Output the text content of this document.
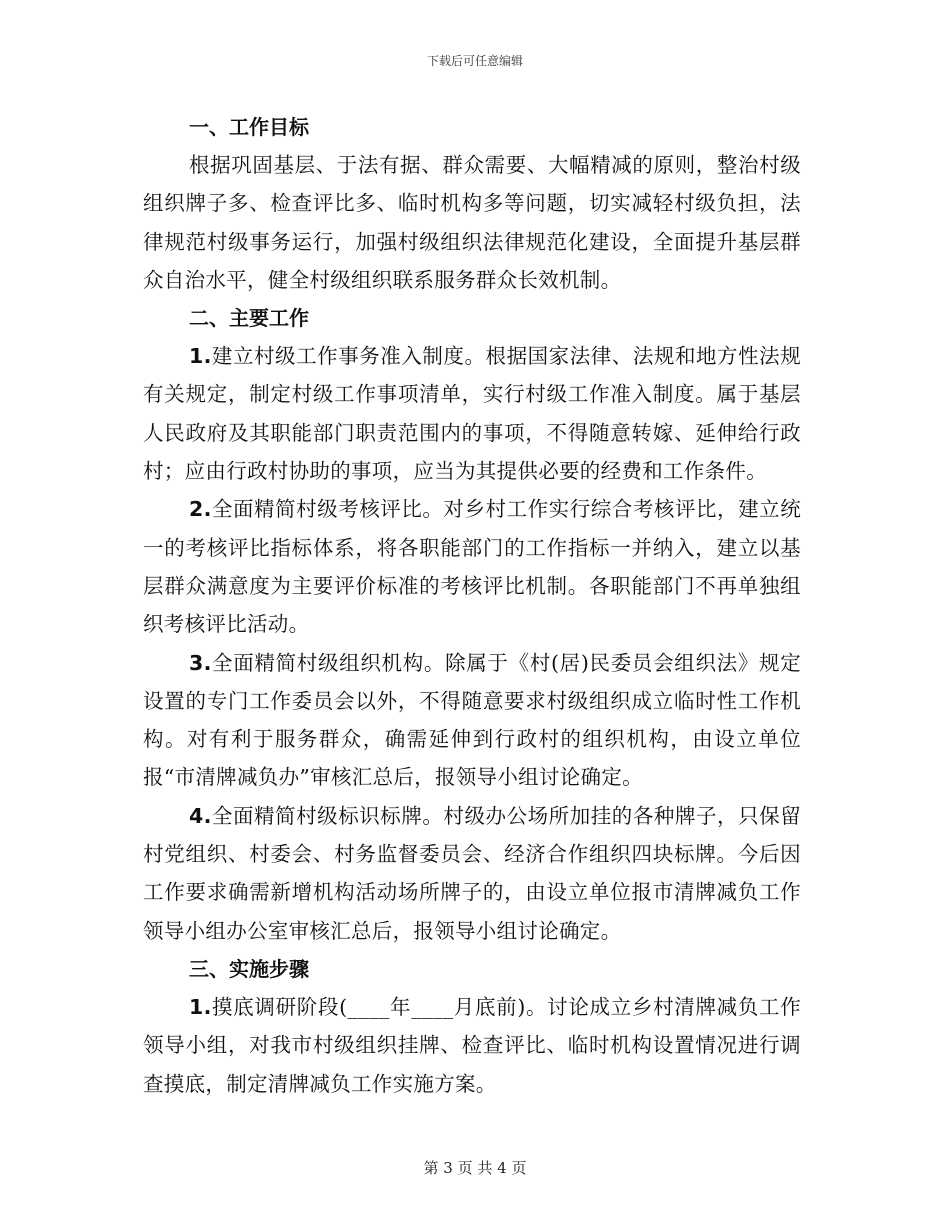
下载后可任意编辑
一、工作目标

根据巩固基层、于法有据、群众需要、大幅精减的原则，整治村级组织牌子多、检查评比多、临时机构多等问题，切实减轻村级负担，法律规范村级事务运行，加强村级组织法律规范化建设，全面提升基层群众自治水平，健全村级组织联系服务群众长效机制。

二、主要工作

1.建立村级工作事务准入制度。根据国家法律、法规和地方性法规有关规定，制定村级工作事项清单，实行村级工作准入制度。属于基层人民政府及其职能部门职责范围内的事项，不得随意转嫁、延伸给行政村；应由行政村协助的事项，应当为其提供必要的经费和工作条件。

2.全面精简村级考核评比。对乡村工作实行综合考核评比，建立统一的考核评比指标体系，将各职能部门的工作指标一并纳入，建立以基层群众满意度为主要评价标准的考核评比机制。各职能部门不再单独组织考核评比活动。

3.全面精简村级组织机构。除属于《村(居)民委员会组织法》规定设置的专门工作委员会以外，不得随意要求村级组织成立临时性工作机构。对有利于服务群众，确需延伸到行政村的组织机构，由设立单位报“市清牌减负办”审核汇总后，报领导小组讨论确定。

4.全面精简村级标识标牌。村级办公场所加挂的各种牌子，只保留村党组织、村委会、村务监督委员会、经济合作组织四块标牌。今后因工作要求确需新增机构活动场所牌子的，由设立单位报市清牌减负工作领导小组办公室审核汇总后，报领导小组讨论确定。

三、实施步骤

1.摸底调研阶段(____年____月底前)。讨论成立乡村清牌减负工作领导小组，对我市村级组织挂牌、检查评比、临时机构设置情况进行调查摸底，制定清牌减负工作实施方案。

第 3 页 共 4 页
